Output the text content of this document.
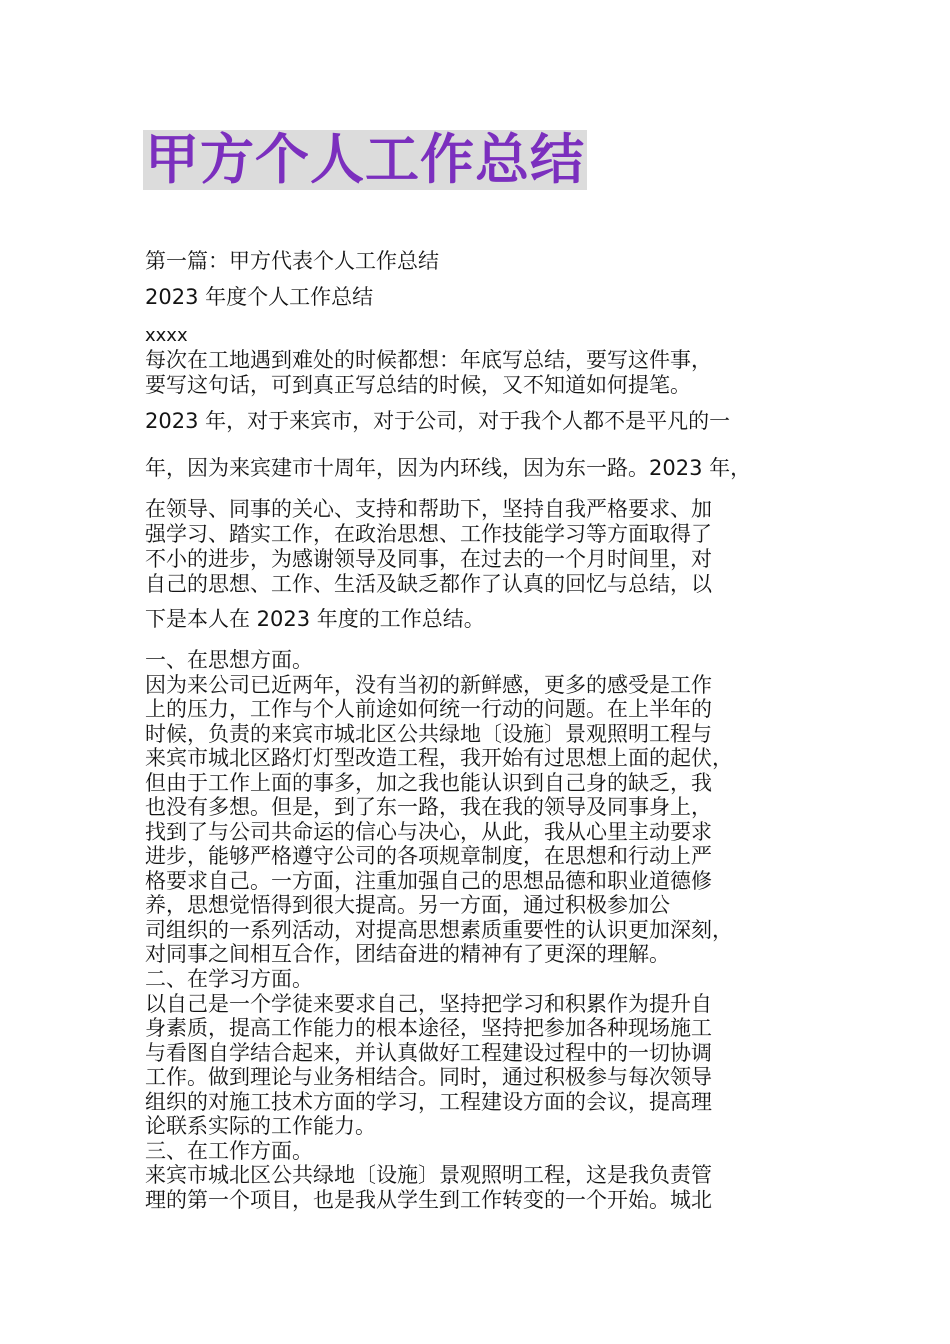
甲方个人工作总结
第一篇：甲方代表个人工作总结
2023 年度个人工作总结
xxxx
每次在工地遇到难处的时候都想：年底写总结，要写这件事，
要写这句话，可到真正写总结的时候，又不知道如何提笔。
2023 年，对于来宾市，对于公司，对于我个人都不是平凡的一
年，因为来宾建市十周年，因为内环线，因为东一路。2023 年，
在领导、同事的关心、支持和帮助下，坚持自我严格要求、加
强学习、踏实工作，在政治思想、工作技能学习等方面取得了
不小的进步，为感谢领导及同事，在过去的一个月时间里，对
自己的思想、工作、生活及缺乏都作了认真的回忆与总结，以
下是本人在 2023 年度的工作总结。
一、在思想方面。
因为来公司已近两年，没有当初的新鲜感，更多的感受是工作
上的压力，工作与个人前途如何统一行动的问题。在上半年的
时候，负责的来宾市城北区公共绿地〔设施〕景观照明工程与
来宾市城北区路灯灯型改造工程，我开始有过思想上面的起伏，
但由于工作上面的事多，加之我也能认识到自己身的缺乏，我
也没有多想。但是，到了东一路，我在我的领导及同事身上，
找到了与公司共命运的信心与决心，从此，我从心里主动要求
进步，能够严格遵守公司的各项规章制度，在思想和行动上严
格要求自己。一方面，注重加强自己的思想品德和职业道德修
养，思想觉悟得到很大提高。另一方面，通过积极参加公
司组织的一系列活动，对提高思想素质重要性的认识更加深刻，
对同事之间相互合作，团结奋进的精神有了更深的理解。
二、在学习方面。
以自己是一个学徒来要求自己，坚持把学习和积累作为提升自
身素质，提高工作能力的根本途径，坚持把参加各种现场施工
与看图自学结合起来，并认真做好工程建设过程中的一切协调
工作。做到理论与业务相结合。同时，通过积极参与每次领导
组织的对施工技术方面的学习，工程建设方面的会议，提高理
论联系实际的工作能力。
三、在工作方面。
来宾市城北区公共绿地〔设施〕景观照明工程，这是我负责管
理的第一个项目，也是我从学生到工作转变的一个开始。城北
